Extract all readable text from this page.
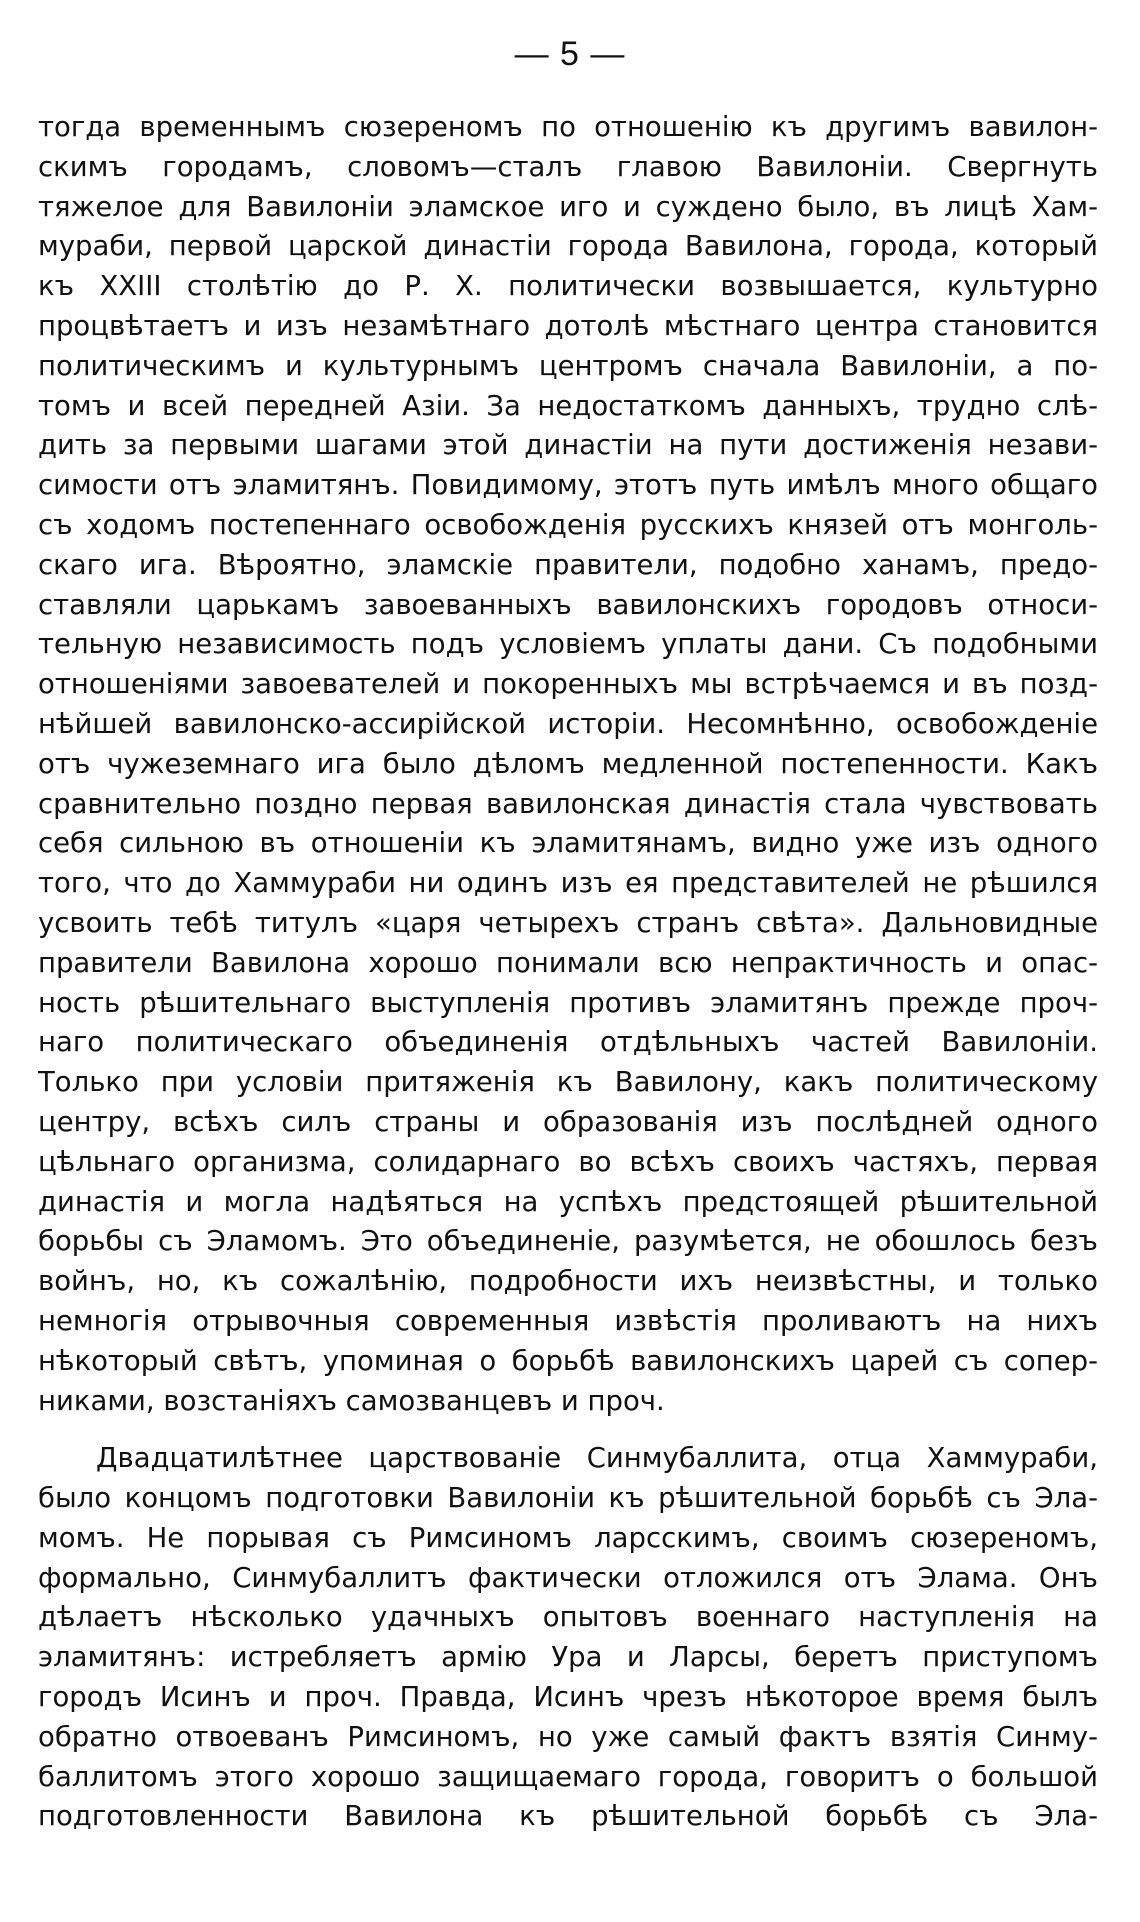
— 5 —
тогда временнымъ сюзереномъ по отношенію къ другимъ вавилон-
скимъ городамъ, словомъ—сталъ главою Вавилоніи. Свергнуть
тяжелое для Вавилоніи эламское иго и суждено было, въ лицѣ Хам-
мураби, первой царской династіи города Вавилона, города, который
къ XXIII столѣтію до Р. Х. политически возвышается, культурно
процвѣтаетъ и изъ незамѣтнаго дотолѣ мѣстнаго центра становится
политическимъ и культурнымъ центромъ сначала Вавилоніи, а по-
томъ и всей передней Азіи. За недостаткомъ данныхъ, трудно слѣ-
дить за первыми шагами этой династіи на пути достиженія незави-
симости отъ эламитянъ. Повидимому, этотъ путь имѣлъ много общаго
съ ходомъ постепеннаго освобожденія русскихъ князей отъ монголь-
скаго ига. Вѣроятно, эламскіе правители, подобно ханамъ, предо-
ставляли царькамъ завоеванныхъ вавилонскихъ городовъ относи-
тельную независимость подъ условіемъ уплаты дани. Съ подобными
отношеніями завоевателей и покоренныхъ мы встрѣчаемся и въ позд-
нѣйшей вавилонско-ассирійской исторіи. Несомнѣнно, освобожденіе
отъ чужеземнаго ига было дѣломъ медленной постепенности. Какъ
сравнительно поздно первая вавилонская династія стала чувствовать
себя сильною въ отношеніи къ эламитянамъ, видно уже изъ одного
того, что до Хаммураби ни одинъ изъ ея представителей не рѣшился
усвоить тебѣ титулъ «царя четырехъ странъ свѣта». Дальновидные
правители Вавилона хорошо понимали всю непрактичность и опас-
ность рѣшительнаго выступленія противъ эламитянъ прежде проч-
наго политическаго объединенія отдѣльныхъ частей Вавилоніи.
Только при условіи притяженія къ Вавилону, какъ политическому
центру, всѣхъ силъ страны и образованія изъ послѣдней одного
цѣльнаго организма, солидарнаго во всѣхъ своихъ частяхъ, первая
династія и могла надѣяться на успѣхъ предстоящей рѣшительной
борьбы съ Эламомъ. Это объединеніе, разумѣется, не обошлось безъ
войнъ, но, къ сожалѣнію, подробности ихъ неизвѣстны, и только
немногія отрывочныя современныя извѣстія проливаютъ на нихъ
нѣкоторый свѣтъ, упоминая о борьбѣ вавилонскихъ царей съ сопер-
никами, возстаніяхъ самозванцевъ и проч.
Двадцатилѣтнее царствованіе Синмубаллита, отца Хаммураби,
было концомъ подготовки Вавилоніи къ рѣшительной борьбѣ съ Эла-
момъ. Не порывая съ Римсиномъ ларсскимъ, своимъ сюзереномъ,
формально, Синмубаллитъ фактически отложился отъ Элама. Онъ
дѣлаетъ нѣсколько удачныхъ опытовъ военнаго наступленія на
эламитянъ: истребляетъ армію Ура и Ларсы, беретъ приступомъ
городъ Исинъ и проч. Правда, Исинъ чрезъ нѣкоторое время былъ
обратно отвоеванъ Римсиномъ, но уже самый фактъ взятія Синму-
баллитомъ этого хорошо защищаемаго города, говоритъ о большой
подготовленности Вавилона къ рѣшительной борьбѣ съ Эла-
